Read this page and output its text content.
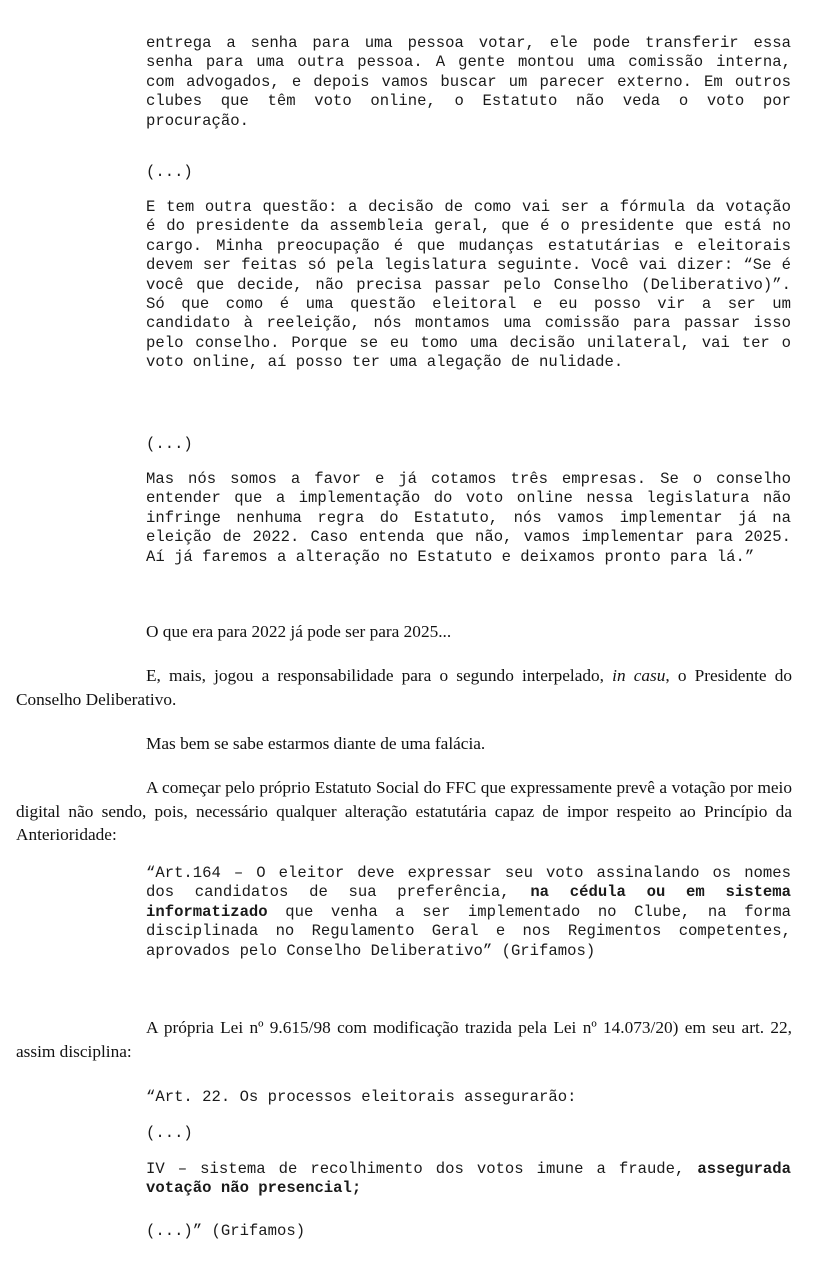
entrega a senha para uma pessoa votar, ele pode transferir essa senha para uma outra pessoa. A gente montou uma comissão interna, com advogados, e depois vamos buscar um parecer externo. Em outros clubes que têm voto online, o Estatuto não veda o voto por procuração.

(...)

E tem outra questão: a decisão de como vai ser a fórmula da votação é do presidente da assembleia geral, que é o presidente que está no cargo. Minha preocupação é que mudanças estatutárias e eleitorais devem ser feitas só pela legislatura seguinte. Você vai dizer: “Se é você que decide, não precisa passar pelo Conselho (Deliberativo)”. Só que como é uma questão eleitoral e eu posso vir a ser um candidato à reeleição, nós montamos uma comissão para passar isso pelo conselho. Porque se eu tomo uma decisão unilateral, vai ter o voto online, aí posso ter uma alegação de nulidade.

(...)

Mas nós somos a favor e já cotamos três empresas. Se o conselho entender que a implementação do voto online nessa legislatura não infringe nenhuma regra do Estatuto, nós vamos implementar já na eleição de 2022. Caso entenda que não, vamos implementar para 2025. Aí já faremos a alteração no Estatuto e deixamos pronto para lá.”

O que era para 2022 já pode ser para 2025...

E, mais, jogou a responsabilidade para o segundo interpelado, in casu, o Presidente do Conselho Deliberativo.

Mas bem se sabe estarmos diante de uma falácia.

A começar pelo próprio Estatuto Social do FFC que expressamente prevê a votação por meio digital não sendo, pois, necessário qualquer alteração estatutária capaz de impor respeito ao Princípio da Anterioridade:

“Art.164 – O eleitor deve expressar seu voto assinalando os nomes dos candidatos de sua preferência, na cédula ou em sistema informatizado que venha a ser implementado no Clube, na forma disciplinada no Regulamento Geral e nos Regimentos competentes, aprovados pelo Conselho Deliberativo” (Grifamos)

A própria Lei nº 9.615/98 com modificação trazida pela Lei nº 14.073/20) em seu art. 22, assim disciplina:

“Art. 22. Os processos eleitorais assegurarão:

(...)

IV – sistema de recolhimento dos votos imune a fraude, assegurada votação não presencial;

(...)” (Grifamos)
